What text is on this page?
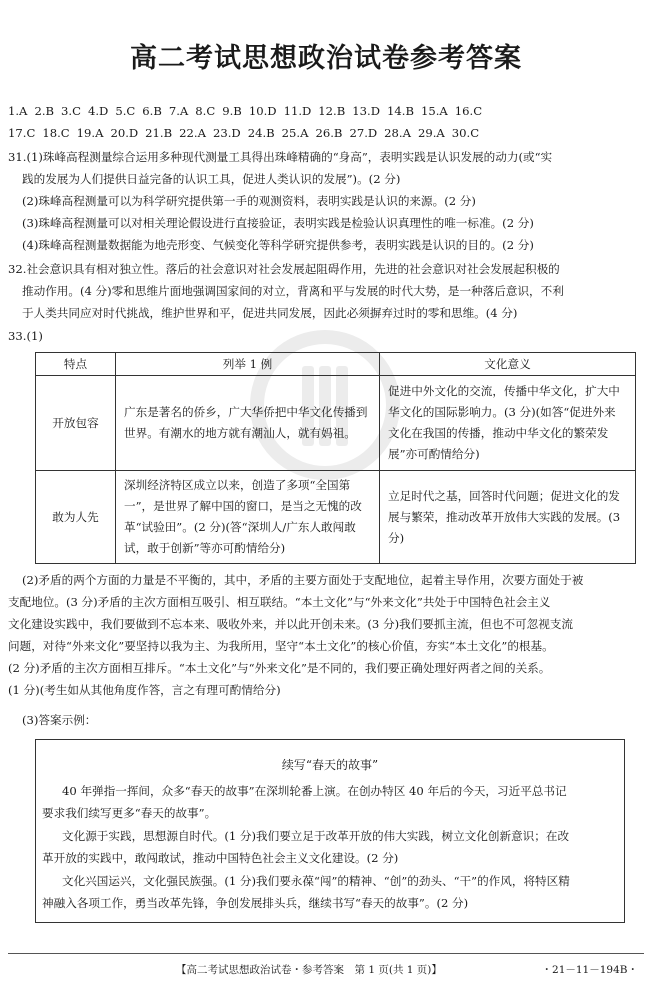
高二考试思想政治试卷参考答案
1.A 2.B 3.C 4.D 5.C 6.B 7.A 8.C 9.B 10.D 11.D 12.B 13.D 14.B 15.A 16.C
17.C 18.C 19.A 20.D 21.B 22.A 23.D 24.B 25.A 26.B 27.D 28.A 29.A 30.C
31.(1)珠峰高程测量综合运用多种现代测量工具得出珠峰精确的“身高”，表明实践是认识发展的动力(或“实
践的发展为人们提供日益完备的认识工具，促进人类认识的发展”)。(2 分)
(2)珠峰高程测量可以为科学研究提供第一手的观测资料，表明实践是认识的来源。(2 分)
(3)珠峰高程测量可以对相关理论假设进行直接验证，表明实践是检验认识真理性的唯一标准。(2 分)
(4)珠峰高程测量数据能为地壳形变、气候变化等科学研究提供参考，表明实践是认识的目的。(2 分)
32.社会意识具有相对独立性。落后的社会意识对社会发展起阻碍作用，先进的社会意识对社会发展起积极的
推动作用。(4 分)零和思维片面地强调国家间的对立，背离和平与发展的时代大势，是一种落后意识，不利
于人类共同应对时代挑战，维护世界和平，促进共同发展，因此必须摒弃过时的零和思维。(4 分)
33.(1)
特点	列举 1 例	文化意义
开放包容	广东是著名的侨乡，广大华侨把中华文化传播到世界。有潮水的地方就有潮汕人，就有妈祖。	促进中外文化的交流，传播中华文化，扩大中华文化的国际影响力。(3 分)(如答“促进外来文化在我国的传播，推动中华文化的繁荣发展”亦可酌情给分)
敢为人先	深圳经济特区成立以来，创造了多项“全国第一”，是世界了解中国的窗口，是当之无愧的改革“试验田”。(2 分)(答“深圳人/广东人敢闯敢试，敢于创新”等亦可酌情给分)	立足时代之基，回答时代问题；促进文化的发展与繁荣，推动改革开放伟大实践的发展。(3 分)
(2)矛盾的两个方面的力量是不平衡的，其中，矛盾的主要方面处于支配地位，起着主导作用，次要方面处于被
支配地位。(3 分)矛盾的主次方面相互吸引、相互联结。“本土文化”与“外来文化”共处于中国特色社会主义
文化建设实践中，我们要做到不忘本来、吸收外来，并以此开创未来。(3 分)我们要抓主流，但也不可忽视支流
问题，对待“外来文化”要坚持以我为主、为我所用，坚守“本土文化”的核心价值，夯实“本土文化”的根基。
(2 分)矛盾的主次方面相互排斥。“本土文化”与“外来文化”是不同的，我们要正确处理好两者之间的关系。
(1 分)(考生如从其他角度作答，言之有理可酌情给分)
(3)答案示例：
续写“春天的故事”
40 年弹指一挥间，众多“春天的故事”在深圳轮番上演。在创办特区 40 年后的今天，习近平总书记
要求我们续写更多“春天的故事”。
文化源于实践，思想源自时代。(1 分)我们要立足于改革开放的伟大实践，树立文化创新意识；在改
革开放的实践中，敢闯敢试，推动中国特色社会主义文化建设。(2 分)
文化兴国运兴，文化强民族强。(1 分)我们要永葆“闯”的精神、“创”的劲头、“干”的作风，将特区精
神融入各项工作，勇当改革先锋，争创发展排头兵，继续书写“春天的故事”。(2 分)
【高二考试思想政治试卷・参考答案　第 1 页(共 1 页)】	・21－11－194B・
